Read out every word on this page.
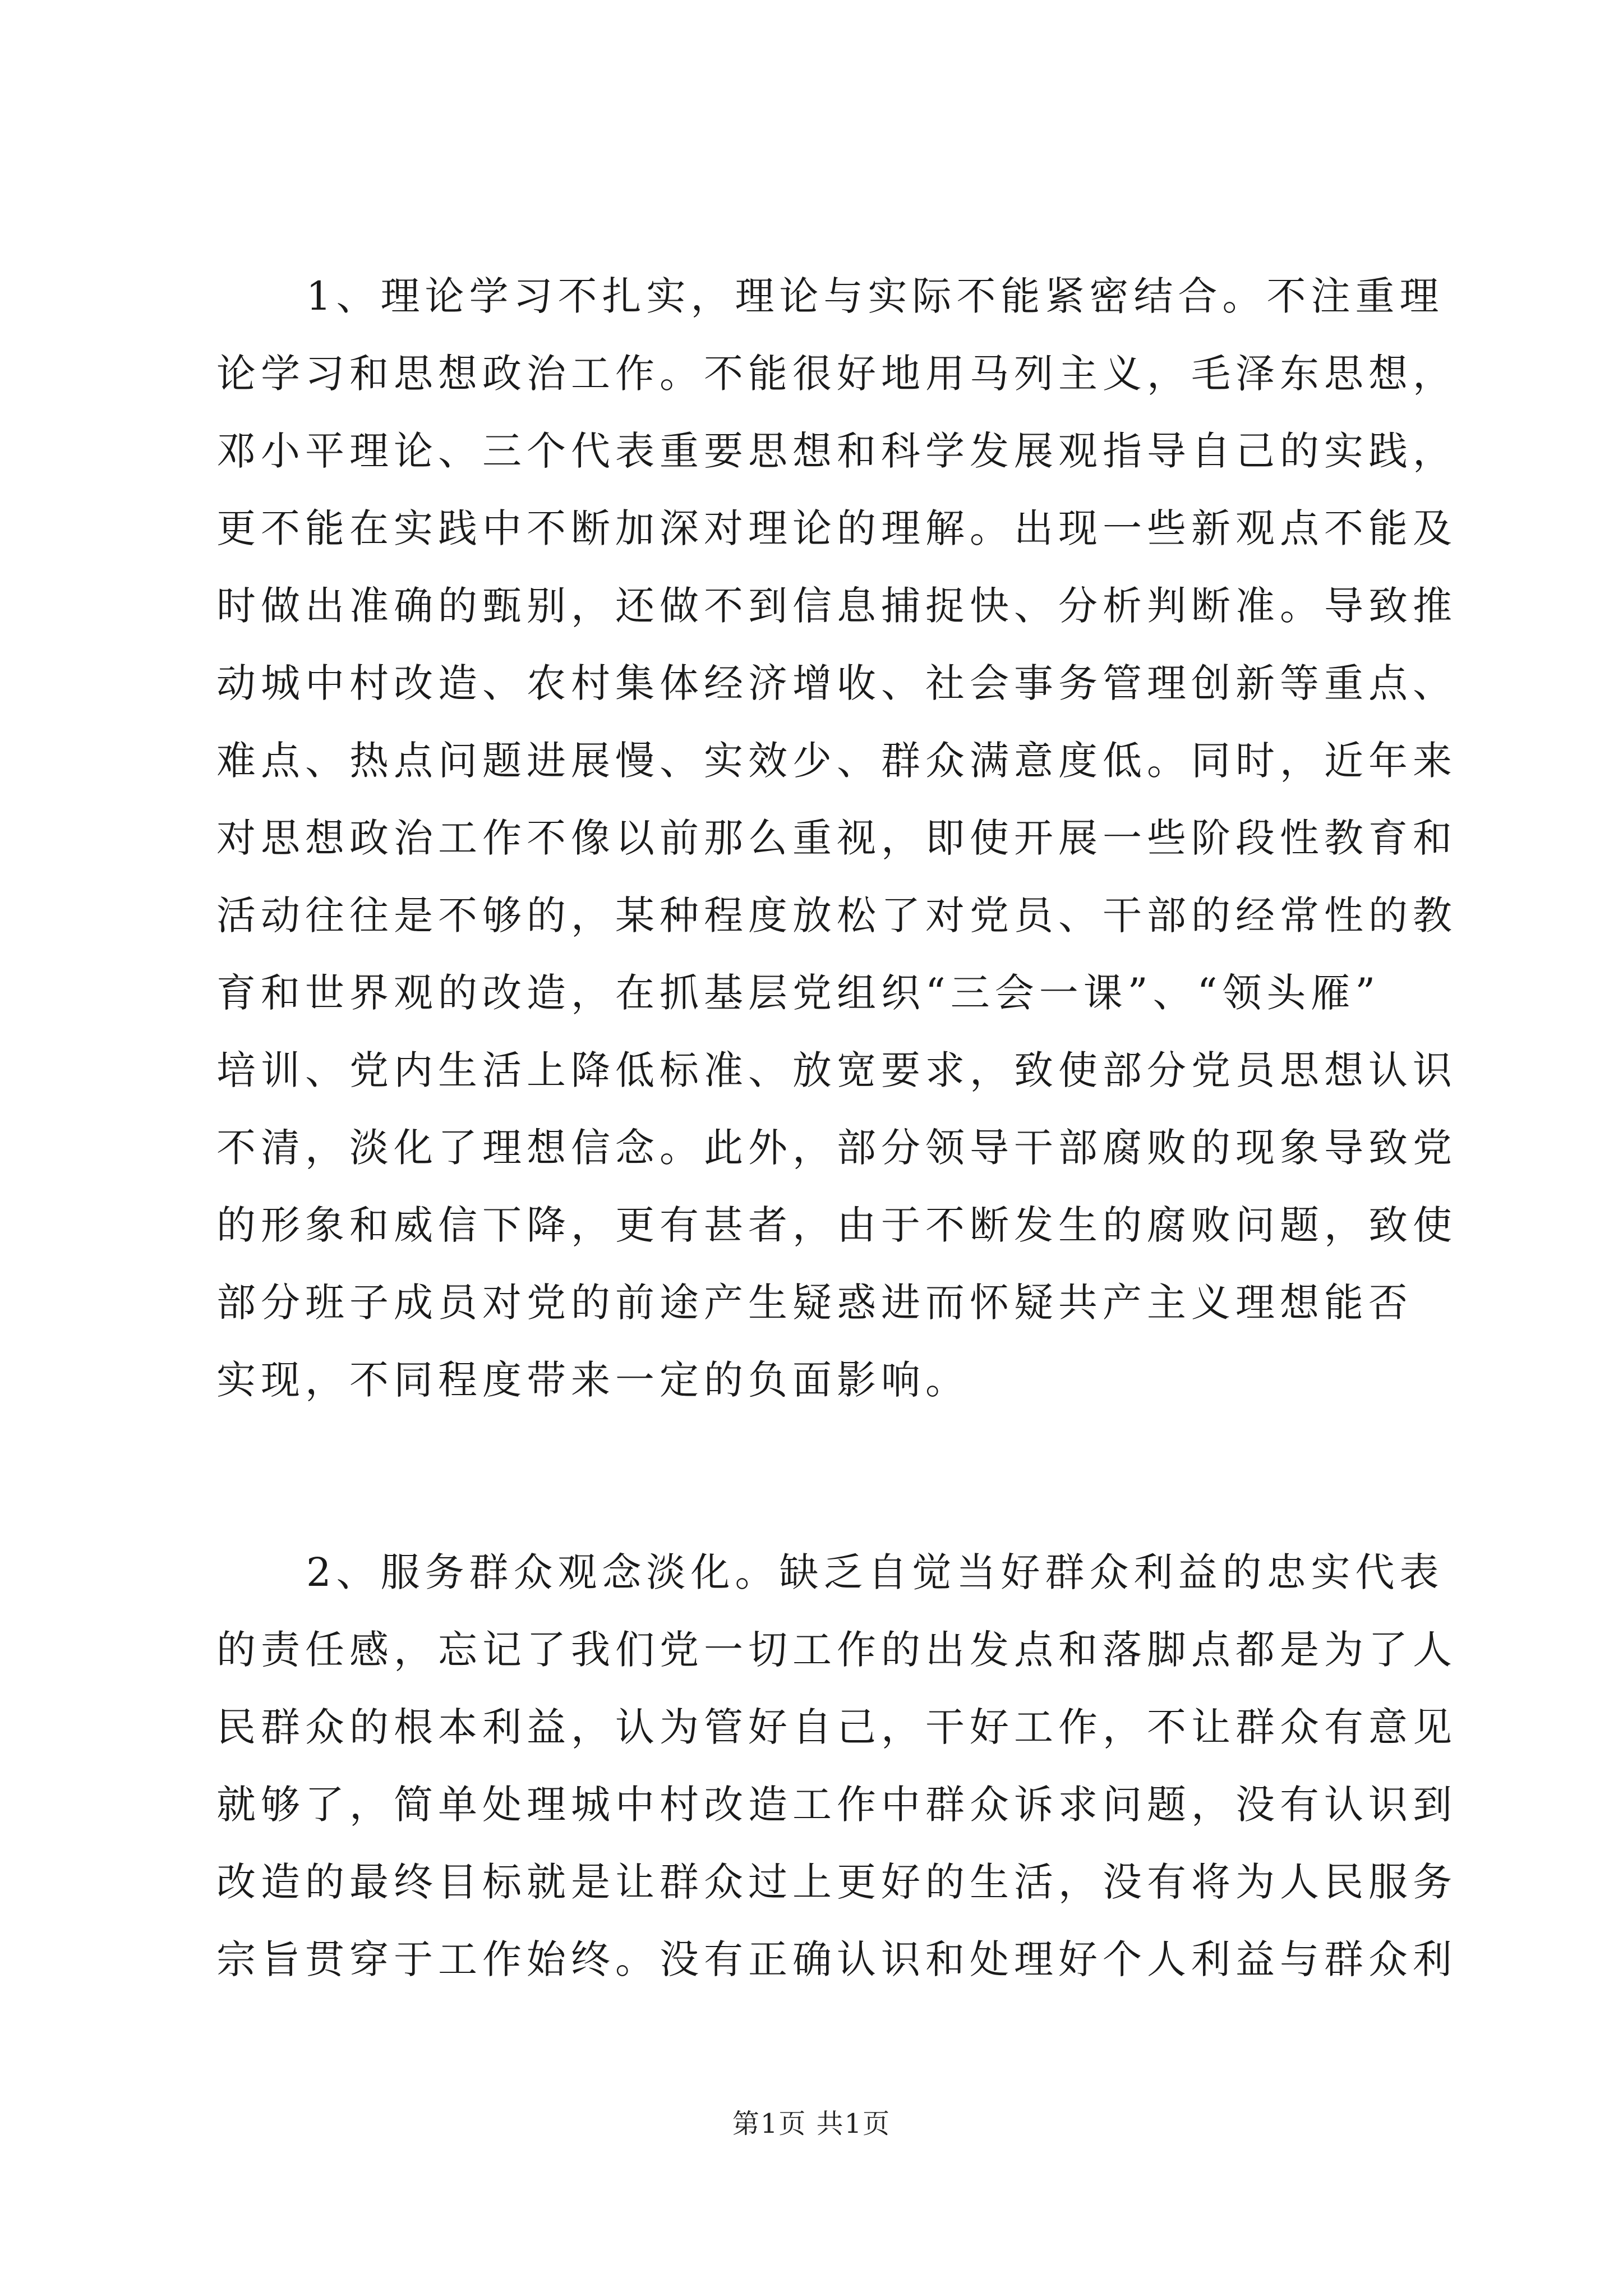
1、理论学习不扎实，理论与实际不能紧密结合。不注重理

论学习和思想政治工作。不能很好地用马列主义，毛泽东思想，

邓小平理论、三个代表重要思想和科学发展观指导自己的实践，

更不能在实践中不断加深对理论的理解。出现一些新观点不能及

时做出准确的甄别，还做不到信息捕捉快、分析判断准。导致推

动城中村改造、农村集体经济增收、社会事务管理创新等重点、

难点、热点问题进展慢、实效少、群众满意度低。同时，近年来

对思想政治工作不像以前那么重视，即使开展一些阶段性教育和

活动往往是不够的，某种程度放松了对党员、干部的经常性的教

育和世界观的改造，在抓基层党组织“三会一课”、“领头雁”

培训、党内生活上降低标准、放宽要求，致使部分党员思想认识

不清，淡化了理想信念。此外，部分领导干部腐败的现象导致党

的形象和威信下降，更有甚者，由于不断发生的腐败问题，致使

部分班子成员对党的前途产生疑惑进而怀疑共产主义理想能否

实现，不同程度带来一定的负面影响。

2、服务群众观念淡化。缺乏自觉当好群众利益的忠实代表

的责任感，忘记了我们党一切工作的出发点和落脚点都是为了人

民群众的根本利益，认为管好自己，干好工作，不让群众有意见

就够了，简单处理城中村改造工作中群众诉求问题，没有认识到

改造的最终目标就是让群众过上更好的生活，没有将为人民服务

宗旨贯穿于工作始终。没有正确认识和处理好个人利益与群众利

第1页 共1页
